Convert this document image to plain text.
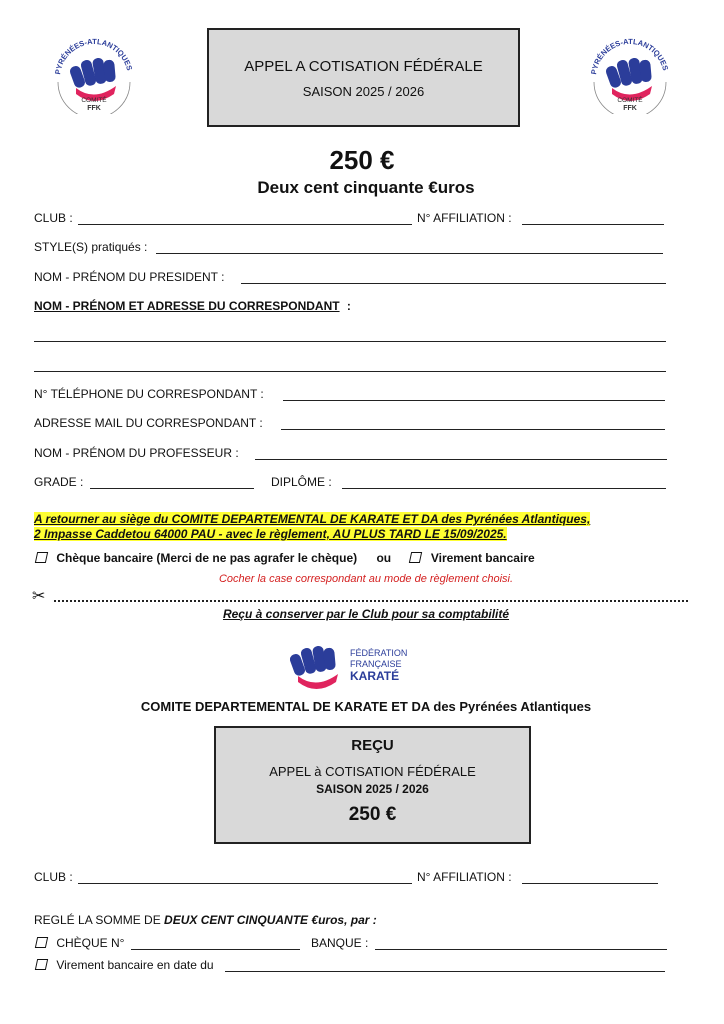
PYRÉNÉES-ATLANTIQUES
COMITÉ
FFK
PYRÉNÉES-ATLANTIQUES
COMITÉ
FFK
APPEL A COTISATION FÉDÉRALE
SAISON 2025 / 2026
250 €
Deux cent cinquante €uros
CLUB :	N° AFFILIATION :
STYLE(S) pratiqués :
NOM - PRÉNOM DU PRESIDENT :
NOM - PRÉNOM ET ADRESSE DU CORRESPONDANT :
N° TÉLÉPHONE DU CORRESPONDANT :
ADRESSE MAIL DU CORRESPONDANT :
NOM - PRÉNOM DU PROFESSEUR :
GRADE :	DIPLÔME :
A retourner au siège du COMITE DEPARTEMENTAL DE KARATE ET DA des Pyrénées Atlantiques,
2 Impasse Caddetou 64000 PAU - avec le règlement, AU PLUS TARD LE 15/09/2025.
Chèque bancaire (Merci de ne pas agrafer le chèque) ou	Virement bancaire
Cocher la case correspondant au mode de règlement choisi.
✂
Reçu à conserver par le Club pour sa comptabilité
FÉDÉRATION
FRANÇAISE
KARATÉ
COMITE DEPARTEMENTAL DE KARATE ET DA des Pyrénées Atlantiques
REÇU
APPEL à COTISATION FÉDÉRALE
SAISON 2025 / 2026
250 €
CLUB :	N° AFFILIATION :
REGLÉ LA SOMME DE DEUX CENT CINQUANTE €uros, par :
CHÈQUE N°	BANQUE :
Virement bancaire en date du
